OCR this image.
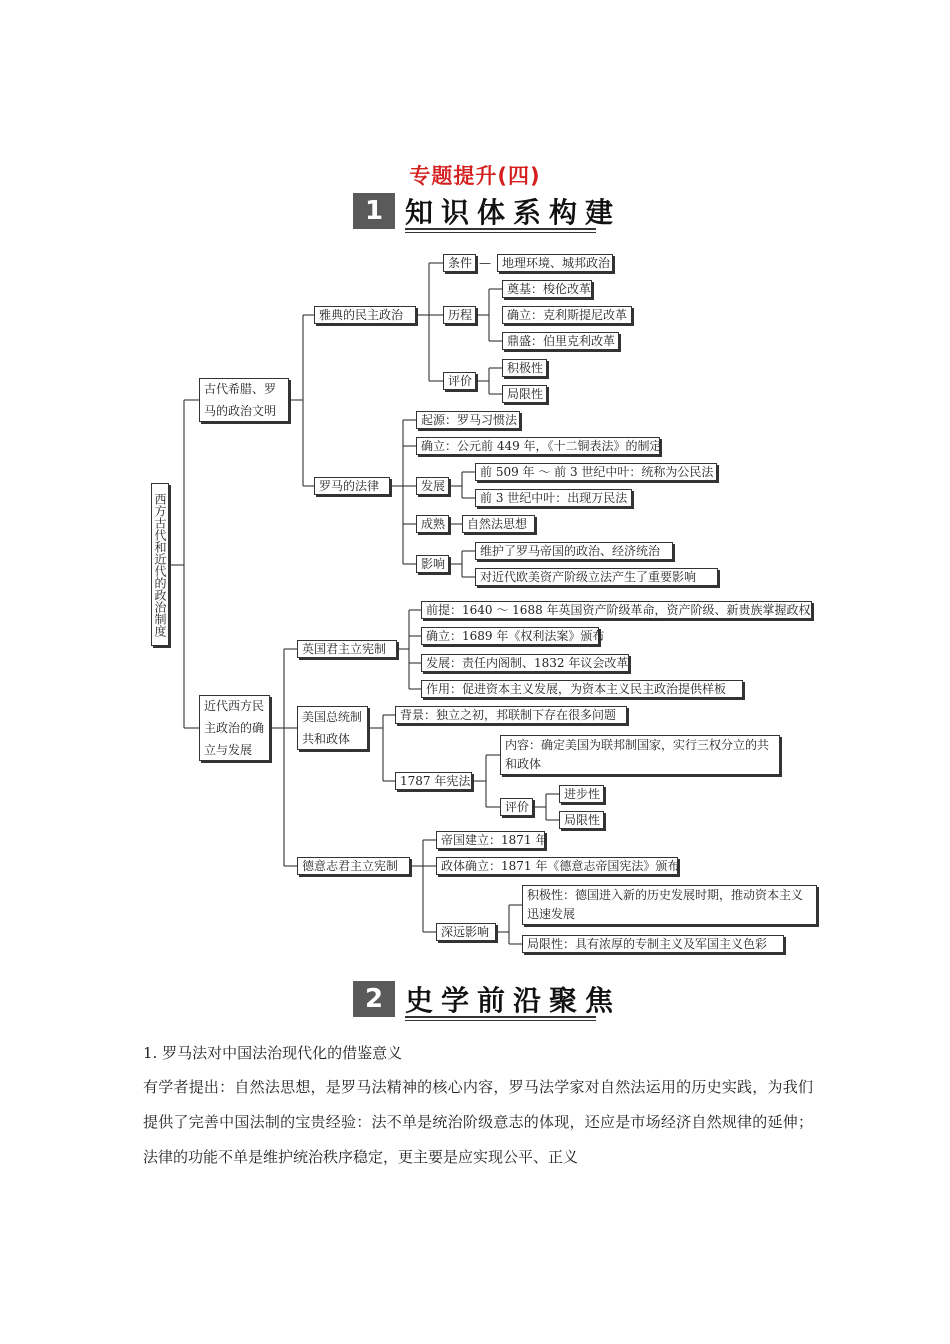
专题提升(四)
1 知识体系构建
西方古代和近代的政治制度
古代希腊、罗马的政治文明
近代西方民主政治的确立与发展
雅典的民主政治
条件 — 地理环境、城邦政治
历程
奠基：梭伦改革
确立：克利斯提尼改革
鼎盛：伯里克利改革
评价
积极性
局限性
罗马的法律
起源：罗马习惯法
确立：公元前 449 年，《十二铜表法》的制定
发展
前 509 年 ～ 前 3 世纪中叶：统称为公民法
前 3 世纪中叶：出现万民法
成熟	自然法思想
影响
维护了罗马帝国的政治、经济统治
对近代欧美资产阶级立法产生了重要影响
英国君主立宪制
前提：1640 ～ 1688 年英国资产阶级革命，资产阶级、新贵族掌握政权
确立：1689 年《权利法案》颁布
发展：责任内阁制、1832 年议会改革
作用：促进资本主义发展，为资本主义民主政治提供样板
美国总统制共和政体
背景：独立之初，邦联制下存在很多问题
1787 年宪法
内容：确定美国为联邦制国家，实行三权分立的共和政体
评价
进步性
局限性
德意志君主立宪制
帝国建立：1871 年
政体确立：1871 年《德意志帝国宪法》颁布
深远影响
积极性：德国进入新的历史发展时期，推动资本主义迅速发展
局限性：具有浓厚的专制主义及军国主义色彩
2 史学前沿聚焦

1. 罗马法对中国法治现代化的借鉴意义

有学者提出：自然法思想，是罗马法精神的核心内容，罗马法学家对自然法运用的历史实践，为我们提供了完善中国法制的宝贵经验：法不单是统治阶级意志的体现，还应是市场经济自然规律的延伸；法律的功能不单是维护统治秩序稳定，更主要是应实现公平、正义
